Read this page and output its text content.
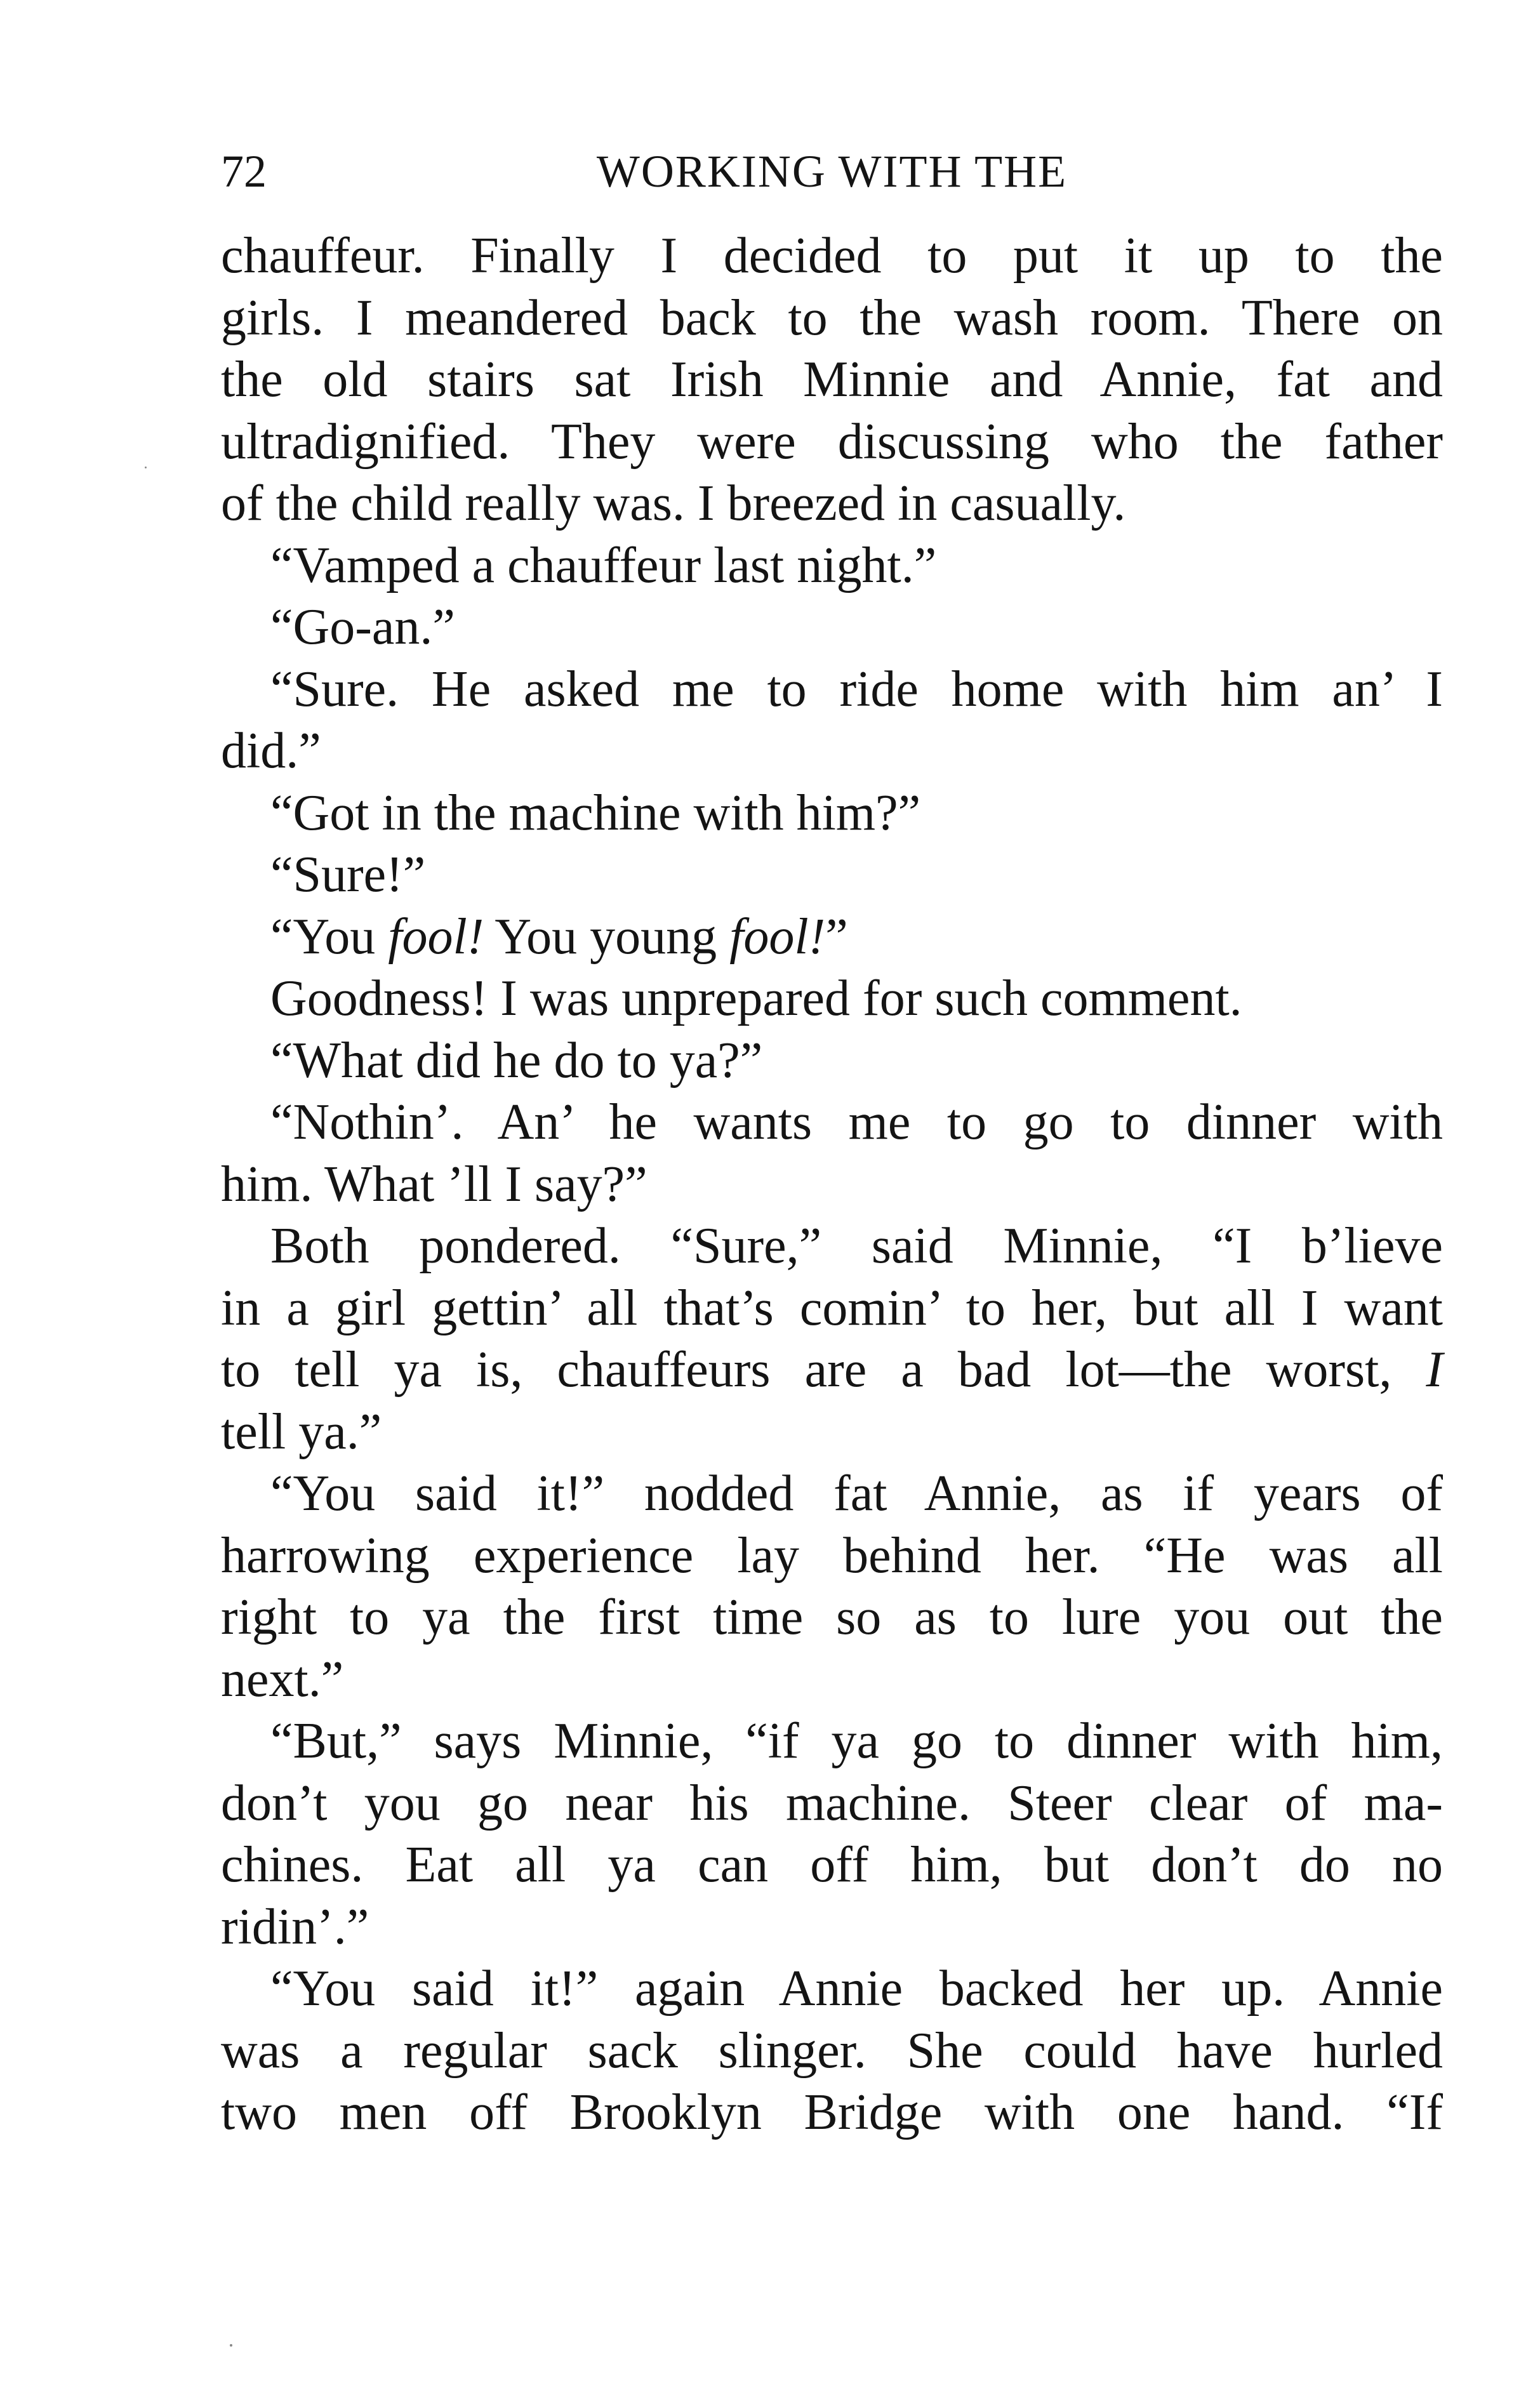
72	WORKING WITH THE
chauffeur. Finally I decided to put it up to the
girls. I meandered back to the wash room. There on
the old stairs sat Irish Minnie and Annie, fat and
ultradignified. They were discussing who the father
of the child really was. I breezed in casually.
“Vamped a chauffeur last night.”
“Go-an.”
“Sure. He asked me to ride home with him an’ I
did.”
“Got in the machine with him?”
“Sure!”
“You fool! You young fool!”
Goodness! I was unprepared for such comment.
“What did he do to ya?”
“Nothin’. An’ he wants me to go to dinner with
him. What ’ll I say?”
Both pondered. “Sure,” said Minnie, “I b’lieve
in a girl gettin’ all that’s comin’ to her, but all I want
to tell ya is, chauffeurs are a bad lot—the worst, I
tell ya.”
“You said it!” nodded fat Annie, as if years of
harrowing experience lay behind her. “He was all
right to ya the first time so as to lure you out the
next.”
“But,” says Minnie, “if ya go to dinner with him,
don’t you go near his machine. Steer clear of ma-
chines. Eat all ya can off him, but don’t do no
ridin’.”
“You said it!” again Annie backed her up. Annie
was a regular sack slinger. She could have hurled
two men off Brooklyn Bridge with one hand. “If
